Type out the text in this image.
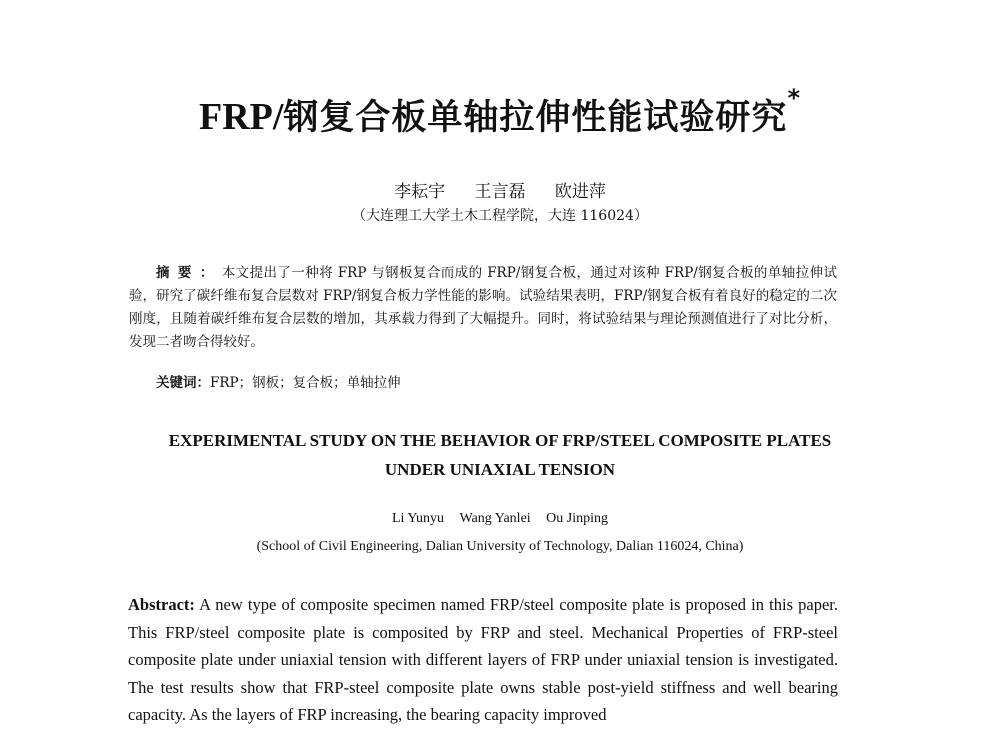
FRP/钢复合板单轴拉伸性能试验研究*
李耘宇 王言磊 欧进萍
（大连理工大学土木工程学院，大连 116024）
摘要：本文提出了一种将 FRP 与钢板复合而成的 FRP/钢复合板，通过对该种 FRP/钢复合板的单轴拉伸试验，研究了碳纤维布复合层数对 FRP/钢复合板力学性能的影响。试验结果表明，FRP/钢复合板有着良好的稳定的二次刚度，且随着碳纤维布复合层数的增加，其承载力得到了大幅提升。同时，将试验结果与理论预测值进行了对比分析，发现二者吻合得较好。
关键词：FRP；钢板；复合板；单轴拉伸
EXPERIMENTAL STUDY ON THE BEHAVIOR OF FRP/STEEL COMPOSITE PLATES
UNDER UNIAXIAL TENSION
Li Yunyu Wang Yanlei Ou Jinping
(School of Civil Engineering, Dalian University of Technology, Dalian 116024, China)
Abstract: A new type of composite specimen named FRP/steel composite plate is proposed in this paper. This FRP/steel composite plate is composited by FRP and steel. Mechanical Properties of FRP-steel composite plate under uniaxial tension with different layers of FRP under uniaxial tension is investigated. The test results show that FRP-steel composite plate owns stable post-yield stiffness and well bearing capacity. As the layers of FRP increasing, the bearing capacity improved
